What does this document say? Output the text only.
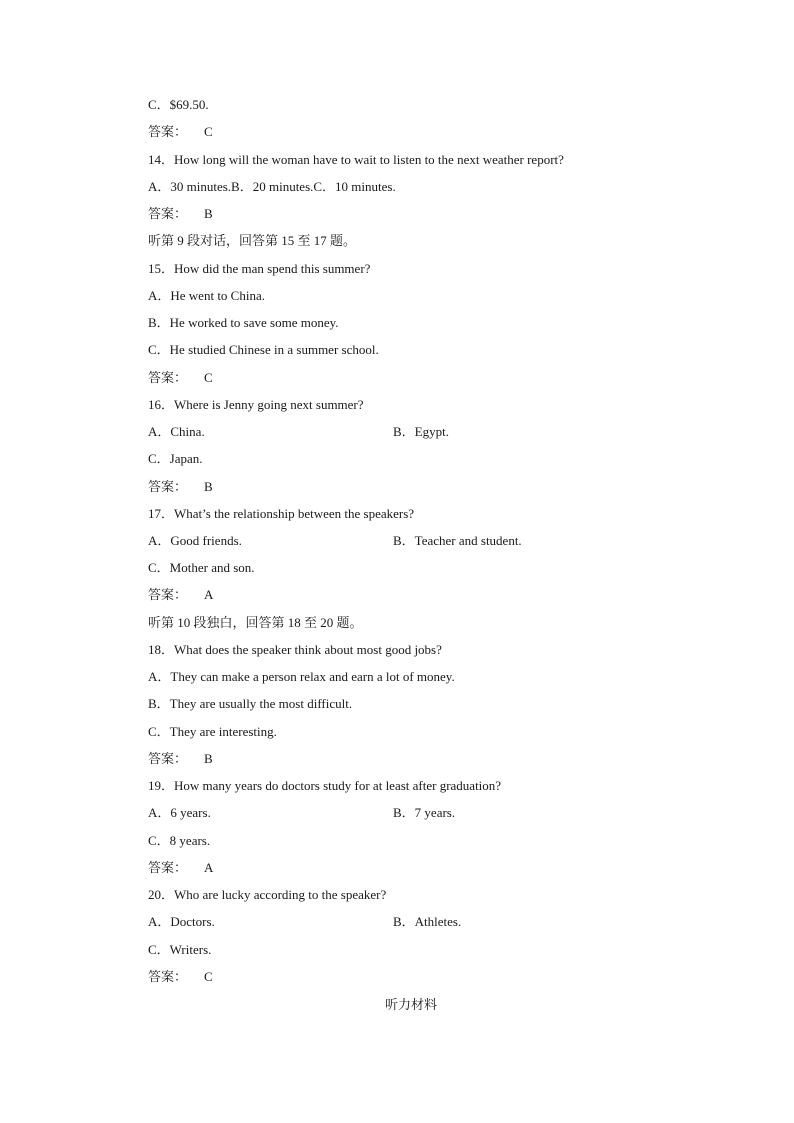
C．$69.50.
答案： C
14．How long will the woman have to wait to listen to the next weather report?
A．30 minutes.B．20 minutes.C．10 minutes.
答案： B
听第 9 段对话，回答第 15 至 17 题。
15．How did the man spend this summer?
A．He went to China.
B．He worked to save some money.
C．He studied Chinese in a summer school.
答案： C
16．Where is Jenny going next summer?
A．China.	B．Egypt.
C．Japan.
答案： B
17．What’s the relationship between the speakers?
A．Good friends.	B．Teacher and student.
C．Mother and son.
答案： A
听第 10 段独白，回答第 18 至 20 题。
18．What does the speaker think about most good jobs?
A．They can make a person relax and earn a lot of money.
B．They are usually the most difficult.
C．They are interesting.
答案： B
19．How many years do doctors study for at least after graduation?
A．6 years.	B．7 years.
C．8 years.
答案： A
20．Who are lucky according to the speaker?
A．Doctors.	B．Athletes.
C．Writers.
答案： C
听力材料
